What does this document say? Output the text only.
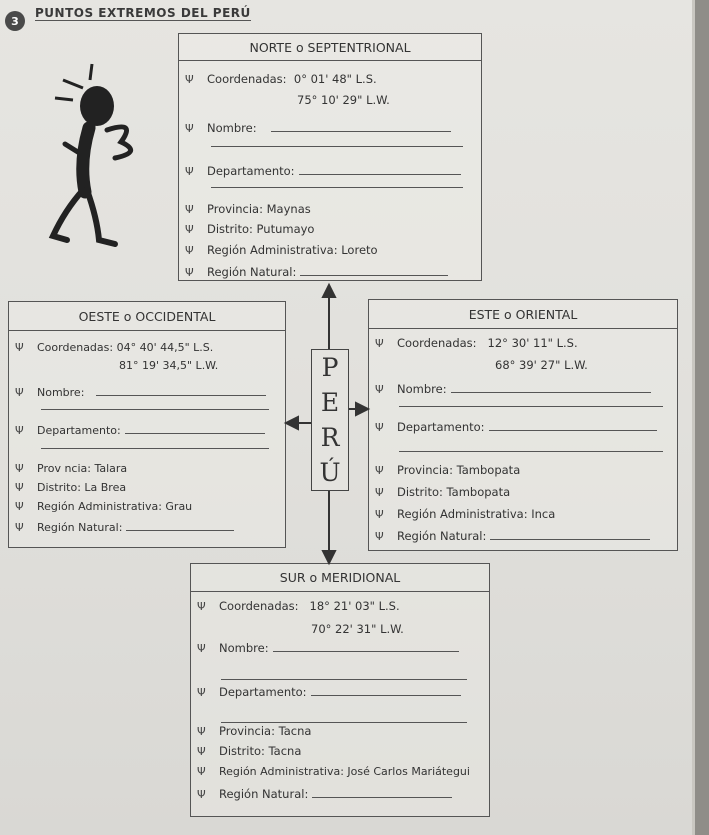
3
PUNTOS EXTREMOS DEL PERÚ
NORTE o SEPTENTRIONAL
Ψ Coordenadas: 0° 01' 48" L.S.
75° 10' 29" L.W.
Ψ Nombre:
Ψ Departamento:
Ψ Provincia: Maynas
Ψ Distrito: Putumayo
Ψ Región Administrativa: Loreto
Ψ Región Natural:
OESTE o OCCIDENTAL
Ψ Coordenadas: 04° 40' 44,5" L.S.
81° 19' 34,5" L.W.
Ψ Nombre:
Ψ Departamento:
Ψ Prov ncia: Talara
Ψ Distrito: La Brea
Ψ Región Administrativa: Grau
Ψ Región Natural:
ESTE o ORIENTAL
Ψ Coordenadas: 12° 30' 11" L.S.
68° 39' 27" L.W.
Ψ Nombre:
Ψ Departamento:
Ψ Provincia: Tambopata
Ψ Distrito: Tambopata
Ψ Región Administrativa: Inca
Ψ Región Natural:
SUR o MERIDIONAL
Ψ Coordenadas: 18° 21' 03" L.S.
70° 22' 31" L.W.
Ψ Nombre:
Ψ Departamento:
Ψ Provincia: Tacna
Ψ Distrito: Tacna
Ψ Región Administrativa: José Carlos Mariátegui
Ψ Región Natural:
P
E
R
Ú
